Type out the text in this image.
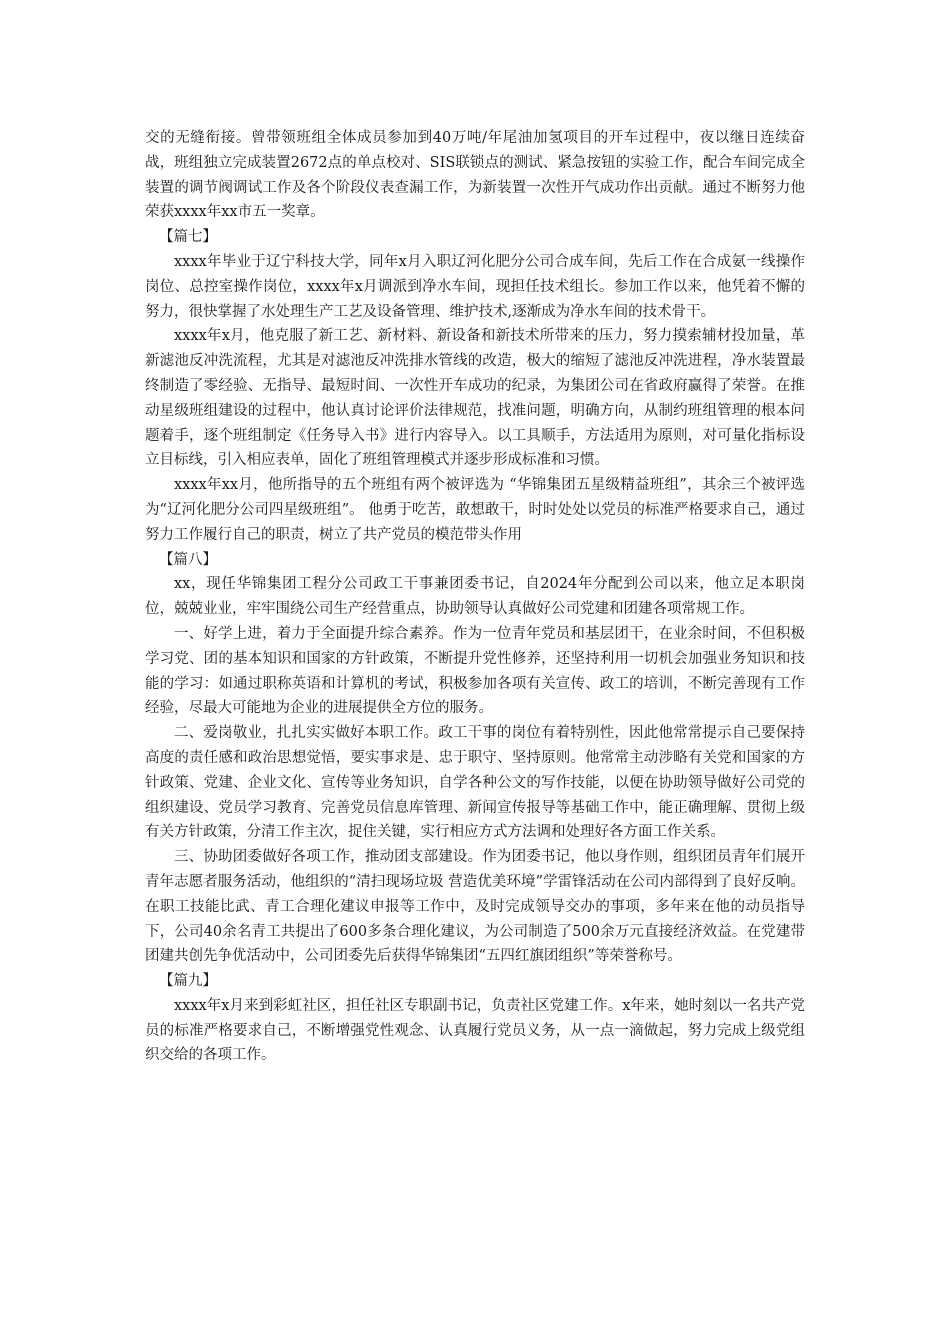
交的无缝衔接。曾带领班组全体成员参加到40万吨/年尾油加氢项目的开车过程中，夜以继日连续奋战，班组独立完成装置2672点的单点校对、SIS联锁点的测试、紧急按钮的实验工作，配合车间完成全装置的调节阀调试工作及各个阶段仪表查漏工作，为新装置一次性开气成功作出贡献。通过不断努力他荣获xxxx年xx市五一奖章。

【篇七】

xxxx年毕业于辽宁科技大学，同年x月入职辽河化肥分公司合成车间，先后工作在合成氨一线操作岗位、总控室操作岗位，xxxx年x月调派到净水车间，现担任技术组长。参加工作以来，他凭着不懈的努力，很快掌握了水处理生产工艺及设备管理、维护技术,逐渐成为净水车间的技术骨干。

xxxx年x月，他克服了新工艺、新材料、新设备和新技术所带来的压力，努力摸索辅材投加量，革新滤池反冲洗流程，尤其是对滤池反冲洗排水管线的改造，极大的缩短了滤池反冲洗进程，净水装置最终制造了零经验、无指导、最短时间、一次性开车成功的纪录，为集团公司在省政府赢得了荣誉。在推动星级班组建设的过程中，他认真讨论评价法律规范，找准问题，明确方向，从制约班组管理的根本问题着手，逐个班组制定《任务导入书》进行内容导入。以工具顺手，方法适用为原则，对可量化指标设立目标线，引入相应表单，固化了班组管理模式并逐步形成标准和习惯。

xxxx年xx月，他所指导的五个班组有两个被评选为 “华锦集团五星级精益班组”，其余三个被评选为“辽河化肥分公司四星级班组”。 他勇于吃苦，敢想敢干，时时处处以党员的标准严格要求自己，通过努力工作履行自己的职责，树立了共产党员的模范带头作用

【篇八】

xx，现任华锦集团工程分公司政工干事兼团委书记，自2024年分配到公司以来，他立足本职岗位，兢兢业业，牢牢围绕公司生产经营重点，协助领导认真做好公司党建和团建各项常规工作。

一、好学上进，着力于全面提升综合素养。作为一位青年党员和基层团干，在业余时间，不但积极学习党、团的基本知识和国家的方针政策，不断提升党性修养，还坚持利用一切机会加强业务知识和技能的学习：如通过职称英语和计算机的考试，积极参加各项有关宣传、政工的培训，不断完善现有工作经验，尽最大可能地为企业的进展提供全方位的服务。

二、爱岗敬业，扎扎实实做好本职工作。政工干事的岗位有着特别性，因此他常常提示自己要保持高度的责任感和政治思想觉悟，要实事求是、忠于职守、坚持原则。他常常主动涉略有关党和国家的方针政策、党建、企业文化、宣传等业务知识，自学各种公文的写作技能，以便在协助领导做好公司党的组织建设、党员学习教育、完善党员信息库管理、新闻宣传报导等基础工作中，能正确理解、贯彻上级有关方针政策，分清工作主次，捉住关键，实行相应方式方法调和处理好各方面工作关系。

三、协助团委做好各项工作，推动团支部建设。作为团委书记，他以身作则，组织团员青年们展开青年志愿者服务活动，他组织的“清扫现场垃圾 营造优美环境”学雷锋活动在公司内部得到了良好反响。在职工技能比武、青工合理化建议申报等工作中，及时完成领导交办的事项，多年来在他的动员指导下，公司40余名青工共提出了600多条合理化建议，为公司制造了500余万元直接经济效益。在党建带团建共创先争优活动中，公司团委先后获得华锦集团“五四红旗团组织”等荣誉称号。

【篇九】

xxxx年x月来到彩虹社区，担任社区专职副书记，负责社区党建工作。x年来，她时刻以一名共产党员的标准严格要求自己，不断增强党性观念、认真履行党员义务，从一点一滴做起，努力完成上级党组织交给的各项工作。
